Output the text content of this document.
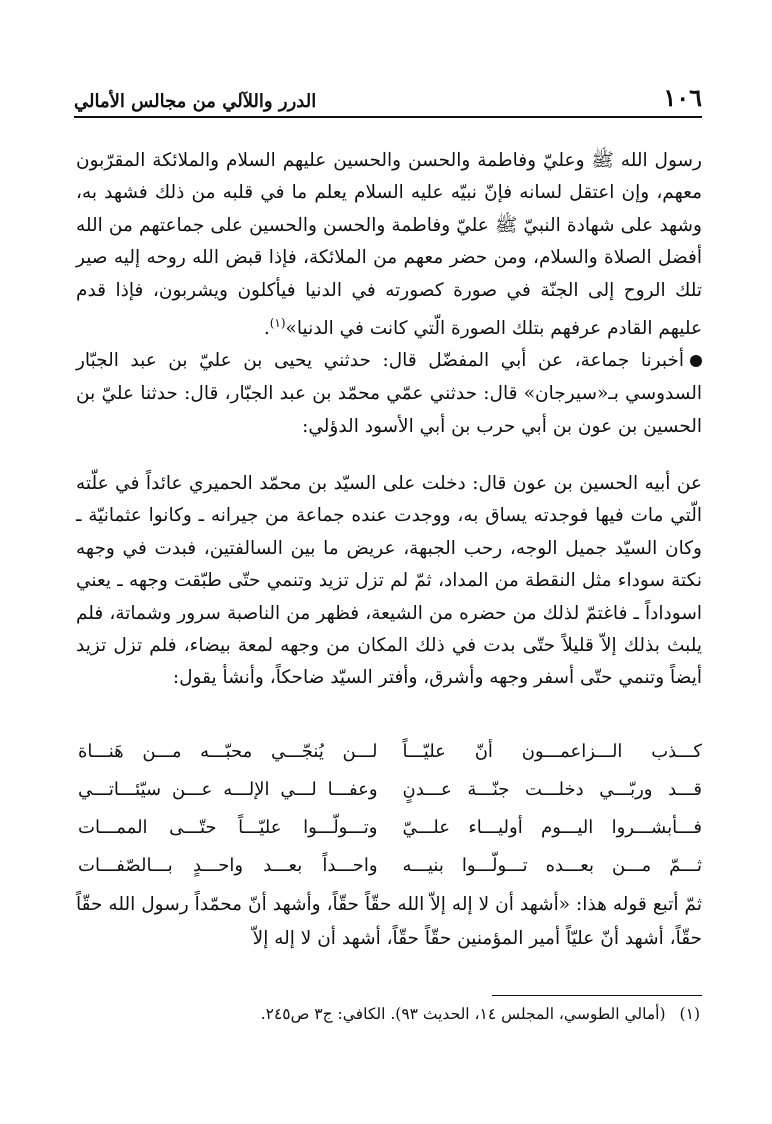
١٠٦
الدرر واللآلي من مجالس الأمالي

رسول الله ﷺ وعليّ وفاطمة والحسن والحسين عليهم السلام والملائكة المقرّبون معهم، وإن اعتقل لسانه فإنّ نبيّه عليه السلام يعلم ما في قلبه من ذلك فشهد به، وشهد على شهادة النبيّ ﷺ عليّ وفاطمة والحسن والحسين على جماعتهم من الله أفضل الصلاة والسلام، ومن حضر معهم من الملائكة، فإذا قبض الله روحه إليه صير تلك الروح إلى الجنّة في صورة كصورته في الدنيا فيأكلون ويشربون، فإذا قدم عليهم القادم عرفهم بتلك الصورة الّتي كانت في الدنيا»$^{(١)}$.

أخبرنا جماعة، عن أبي المفضّل قال: حدثني يحيى بن عليّ بن عبد الجبّار السدوسي بـ«سيرجان» قال: حدثني عمّي محمّد بن عبد الجبّار، قال: حدثنا عليّ بن الحسين بن عون بن أبي حرب بن أبي الأسود الدؤلي:

عن أبيه الحسين بن عون قال: دخلت على السيّد بن محمّد الحميري عائداً في علّته الّتي مات فيها فوجدته يساق به، ووجدت عنده جماعة من جيرانه ـ وكانوا عثمانيّة ـ وكان السيّد جميل الوجه، رحب الجبهة، عريض ما بين السالفتين، فبدت في وجهه نكتة سوداء مثل النقطة من المداد، ثمّ لم تزل تزيد وتنمي حتّى طبّقت وجهه ـ يعني اسوداداً ـ فاغتمّ لذلك من حضره من الشيعة، فظهر من الناصبة سرور وشماتة، فلم يلبث بذلك إلاّ قليلاً حتّى بدت في ذلك المكان من وجهه لمعة بيضاء، فلم تزل تزيد أيضاً وتنمي حتّى أسفر وجهه وأشرق، وأفتر السيّد ضاحكاً، وأنشأ يقول:

كـــذب الـــزاعمـــون أنّ عليّـــاً
لـــن يُنجّـــي محبّـــه مـــن هَنـــاة
قـــد وربّـــي دخلـــت جنّـــة عـــدنٍ
وعفـــا لـــي الإلـــه عـــن سيّئـــاتـــي
فـــأبشـــروا اليـــوم أوليـــاء علـــيّ
وتـــولّـــوا عليّـــاً حتّـــى الممـــات
ثـــمّ مـــن بعـــده تـــولّـــوا بنيـــه
واحـــداً بعـــد واحـــدٍ بـــالصّفـــات

ثمّ أتبع قوله هذا: «أشهد أن لا إله إلاّ الله حقّاً حقّاً، وأشهد أنّ محمّداً رسول الله حقّاً حقّاً، أشهد أنّ عليّاً أمير المؤمنين حقّاً حقّاً، أشهد أن لا إله إلاّ

(١)(أمالي الطوسي، المجلس ١٤، الحديث ٩٣). الكافي: ج٣ ص٢٤٥.
